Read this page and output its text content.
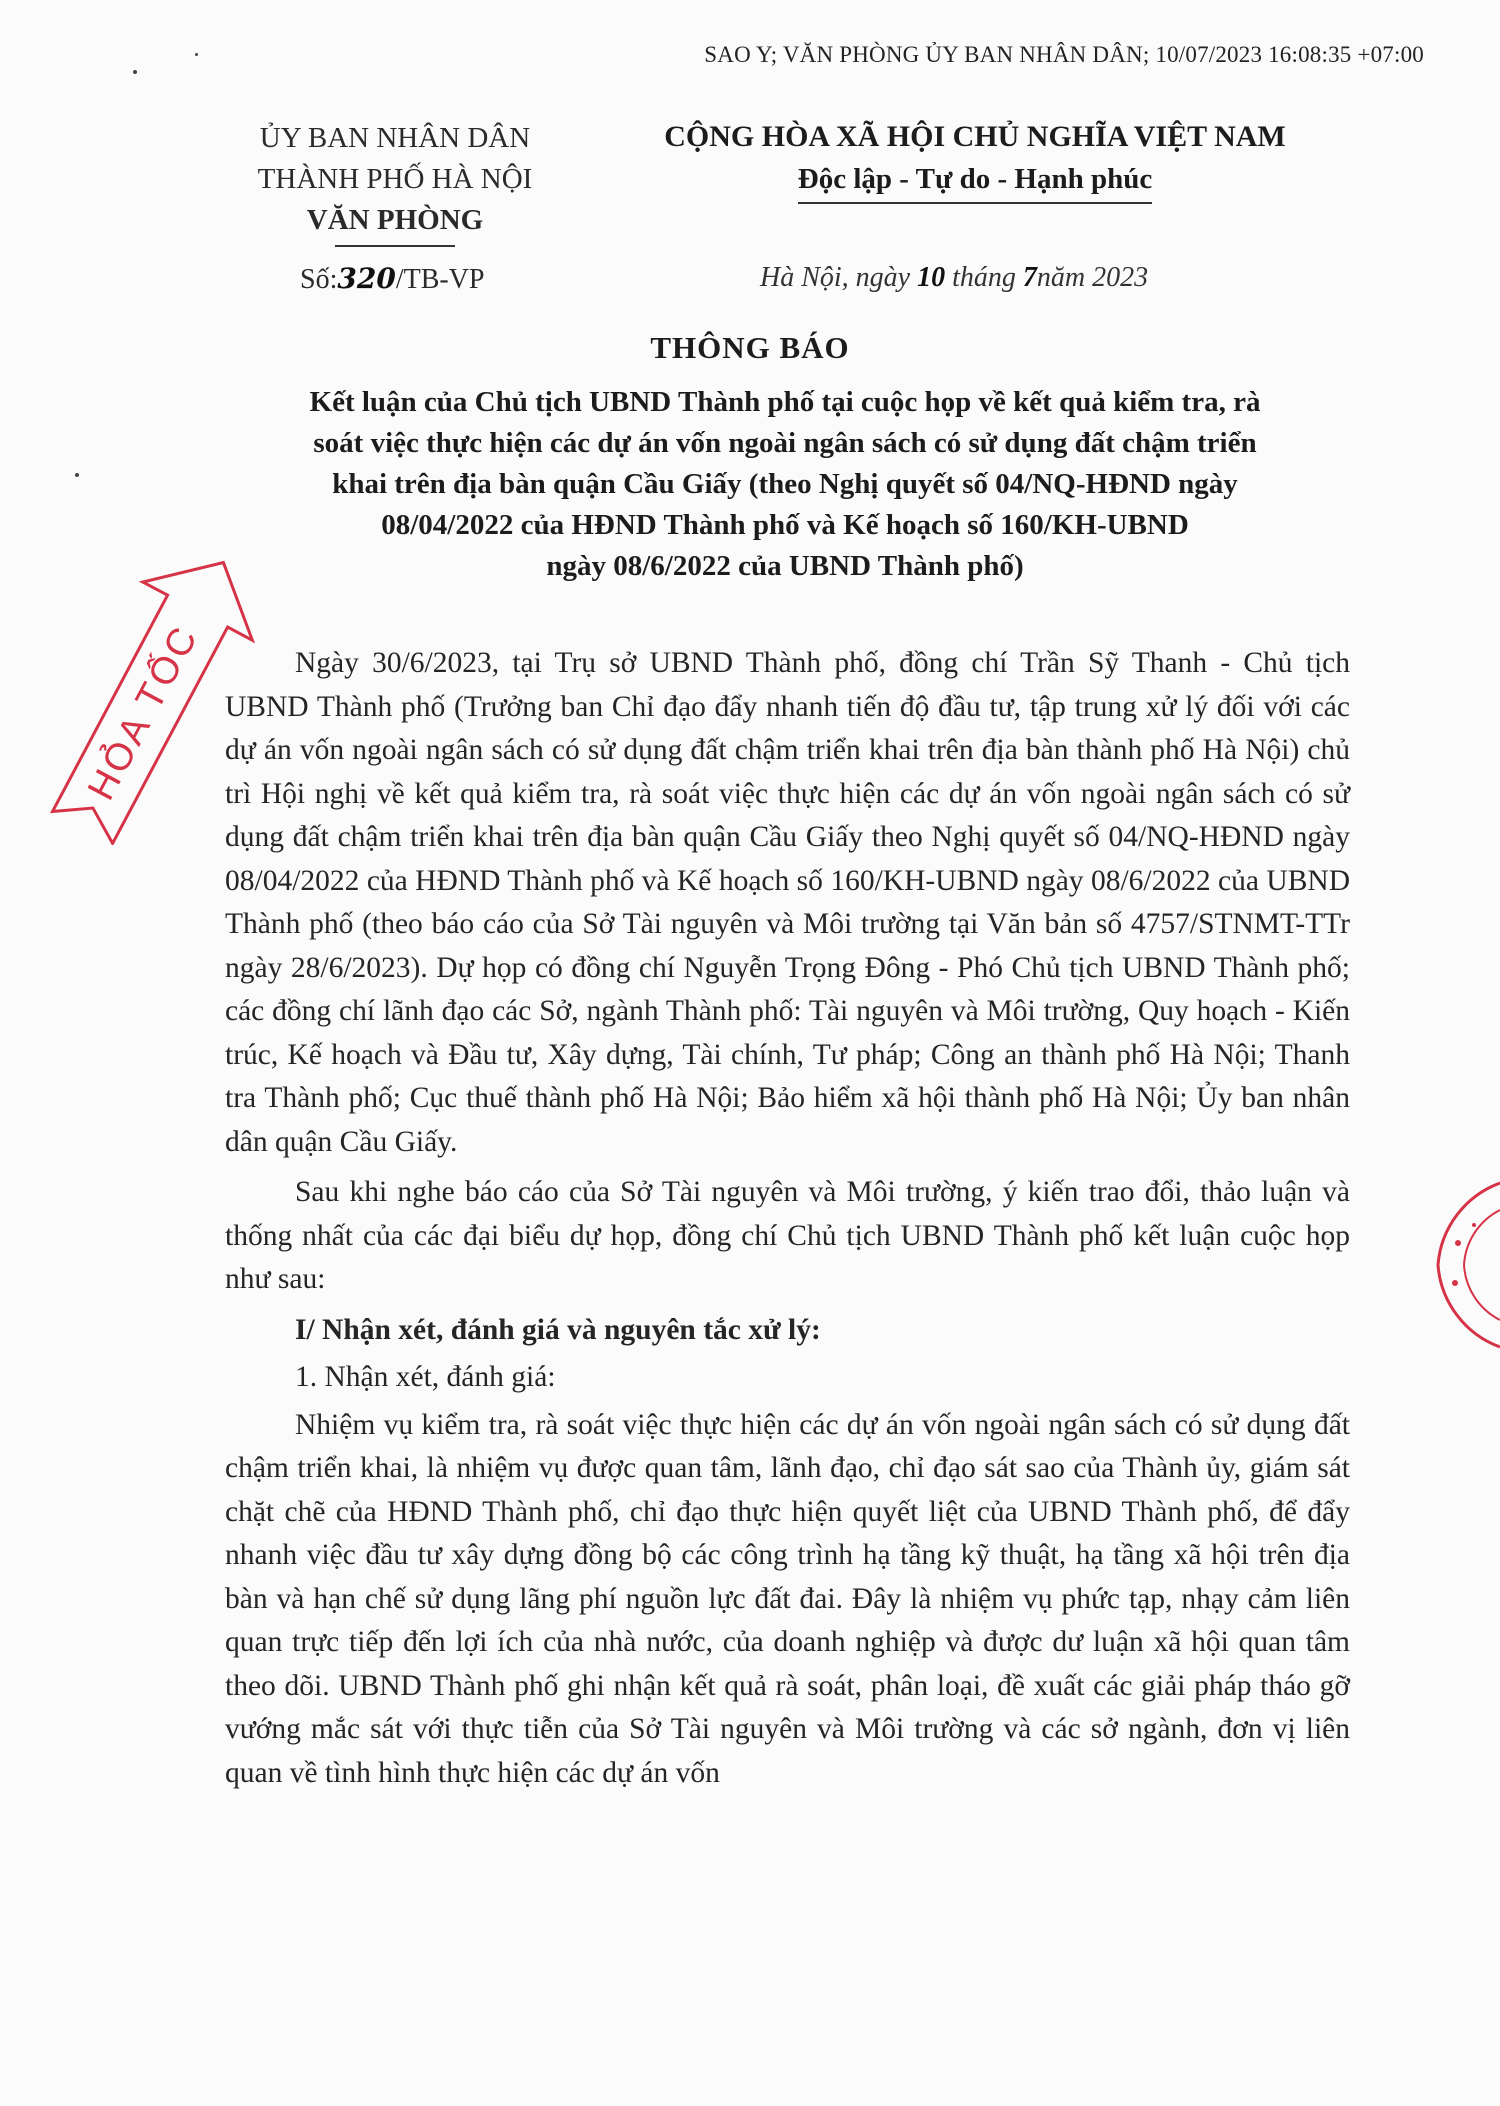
SAO Y; VĂN PHÒNG ỦY BAN NHÂN DÂN; 10/07/2023 16:08:35 +07:00
ỦY BAN NHÂN DÂN
THÀNH PHỐ HÀ NỘI
VĂN PHÒNG
CỘNG HÒA XÃ HỘI CHỦ NGHĨA VIỆT NAM
Độc lập - Tự do - Hạnh phúc
Số:320/TB-VP	Hà Nội, ngày 10 tháng 7năm 2023
THÔNG BÁO
Kết luận của Chủ tịch UBND Thành phố tại cuộc họp về kết quả kiểm tra, rà
soát việc thực hiện các dự án vốn ngoài ngân sách có sử dụng đất chậm triển
khai trên địa bàn quận Cầu Giấy (theo Nghị quyết số 04/NQ-HĐND ngày
08/04/2022 của HĐND Thành phố và Kế hoạch số 160/KH-UBND
ngày 08/6/2022 của UBND Thành phố)
HỎA TỐC	Ngày 30/6/2023, tại Trụ sở UBND Thành phố, đồng chí Trần Sỹ Thanh - Chủ tịch UBND Thành phố (Trưởng ban Chỉ đạo đẩy nhanh tiến độ đầu tư, tập trung xử lý đối với các dự án vốn ngoài ngân sách có sử dụng đất chậm triển khai trên địa bàn thành phố Hà Nội) chủ trì Hội nghị về kết quả kiểm tra, rà soát việc thực hiện các dự án vốn ngoài ngân sách có sử dụng đất chậm triển khai trên địa bàn quận Cầu Giấy theo Nghị quyết số 04/NQ-HĐND ngày 08/04/2022 của HĐND Thành phố và Kế hoạch số 160/KH-UBND ngày 08/6/2022 của UBND Thành phố (theo báo cáo của Sở Tài nguyên và Môi trường tại Văn bản số 4757/STNMT-TTr ngày 28/6/2023). Dự họp có đồng chí Nguyễn Trọng Đông - Phó Chủ tịch UBND Thành phố; các đồng chí lãnh đạo các Sở, ngành Thành phố: Tài nguyên và Môi trường, Quy hoạch - Kiến trúc, Kế hoạch và Đầu tư, Xây dựng, Tài chính, Tư pháp; Công an thành phố Hà Nội; Thanh tra Thành phố; Cục thuế thành phố Hà Nội; Bảo hiểm xã hội thành phố Hà Nội; Ủy ban nhân dân quận Cầu Giấy.

Sau khi nghe báo cáo của Sở Tài nguyên và Môi trường, ý kiến trao đổi, thảo luận và thống nhất của các đại biểu dự họp, đồng chí Chủ tịch UBND Thành phố kết luận cuộc họp như sau:

I/ Nhận xét, đánh giá và nguyên tắc xử lý:

1. Nhận xét, đánh giá:

Nhiệm vụ kiểm tra, rà soát việc thực hiện các dự án vốn ngoài ngân sách có sử dụng đất chậm triển khai, là nhiệm vụ được quan tâm, lãnh đạo, chỉ đạo sát sao của Thành ủy, giám sát chặt chẽ của HĐND Thành phố, chỉ đạo thực hiện quyết liệt của UBND Thành phố, để đẩy nhanh việc đầu tư xây dựng đồng bộ các công trình hạ tầng kỹ thuật, hạ tầng xã hội trên địa bàn và hạn chế sử dụng lãng phí nguồn lực đất đai. Đây là nhiệm vụ phức tạp, nhạy cảm liên quan trực tiếp đến lợi ích của nhà nước, của doanh nghiệp và được dư luận xã hội quan tâm theo dõi. UBND Thành phố ghi nhận kết quả rà soát, phân loại, đề xuất các giải pháp tháo gỡ vướng mắc sát với thực tiễn của Sở Tài nguyên và Môi trường và các sở ngành, đơn vị liên quan về tình hình thực hiện các dự án vốn
